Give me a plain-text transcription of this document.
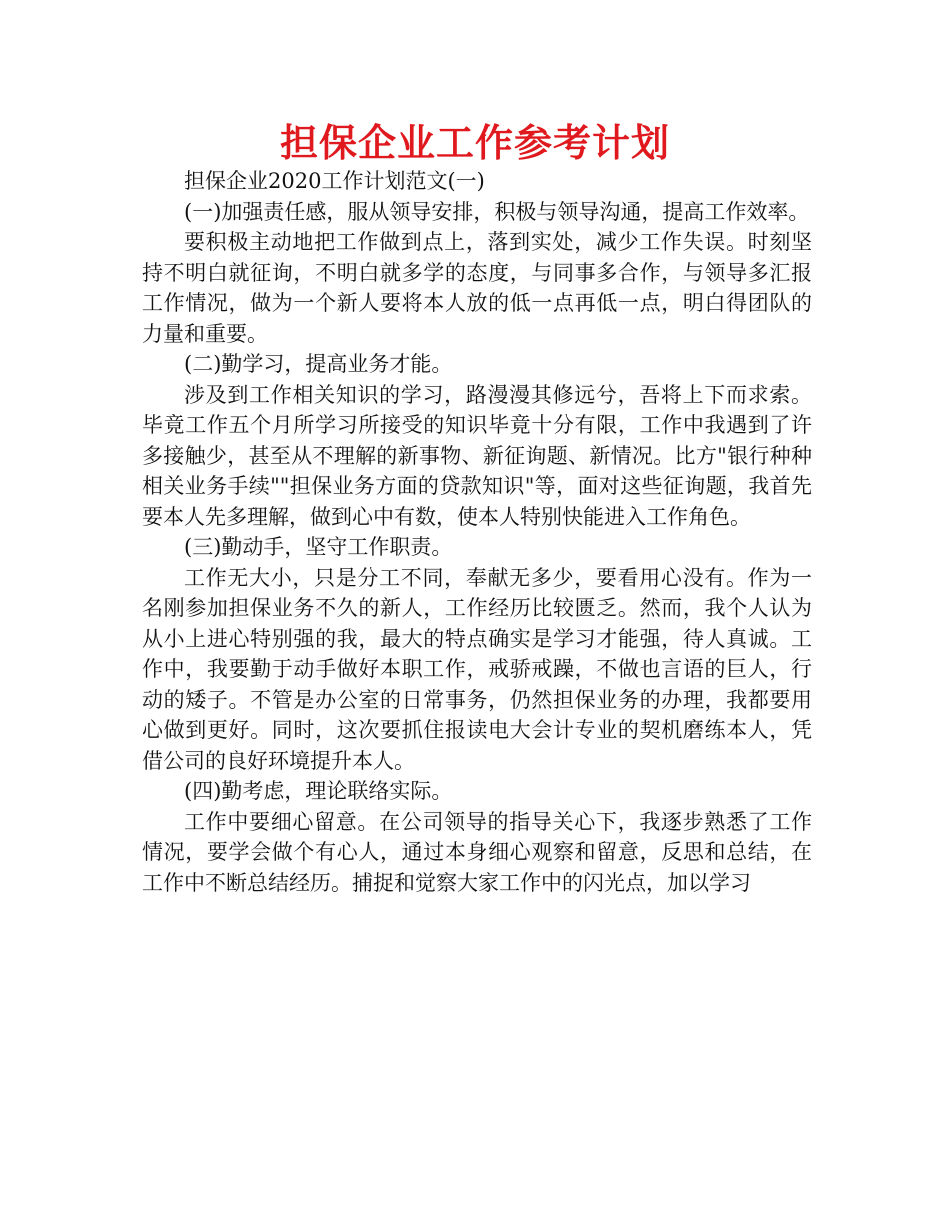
担保企业工作参考计划

担保企业2020工作计划范文(一)

(一)加强责任感，服从领导安排，积极与领导沟通，提高工作效率。

要积极主动地把工作做到点上，落到实处，减少工作失误。时刻坚持不明白就征询，不明白就多学的态度，与同事多合作，与领导多汇报工作情况，做为一个新人要将本人放的低一点再低一点，明白得团队的力量和重要。

(二)勤学习，提高业务才能。

涉及到工作相关知识的学习，路漫漫其修远兮，吾将上下而求索。毕竟工作五个月所学习所接受的知识毕竟十分有限，工作中我遇到了许多接触少，甚至从不理解的新事物、新征询题、新情况。比方"银行种种相关业务手续""担保业务方面的贷款知识"等，面对这些征询题，我首先要本人先多理解，做到心中有数，使本人特别快能进入工作角色。

(三)勤动手，坚守工作职责。

工作无大小，只是分工不同，奉献无多少，要看用心没有。作为一名刚参加担保业务不久的新人，工作经历比较匮乏。然而，我个人认为从小上进心特别强的我，最大的特点确实是学习才能强，待人真诚。工作中，我要勤于动手做好本职工作，戒骄戒躁，不做也言语的巨人，行动的矮子。不管是办公室的日常事务，仍然担保业务的办理，我都要用心做到更好。同时，这次要抓住报读电大会计专业的契机磨练本人，凭借公司的良好环境提升本人。

(四)勤考虑，理论联络实际。

工作中要细心留意。在公司领导的指导关心下，我逐步熟悉了工作情况，要学会做个有心人，通过本身细心观察和留意，反思和总结，在工作中不断总结经历。捕捉和觉察大家工作中的闪光点，加以学习
